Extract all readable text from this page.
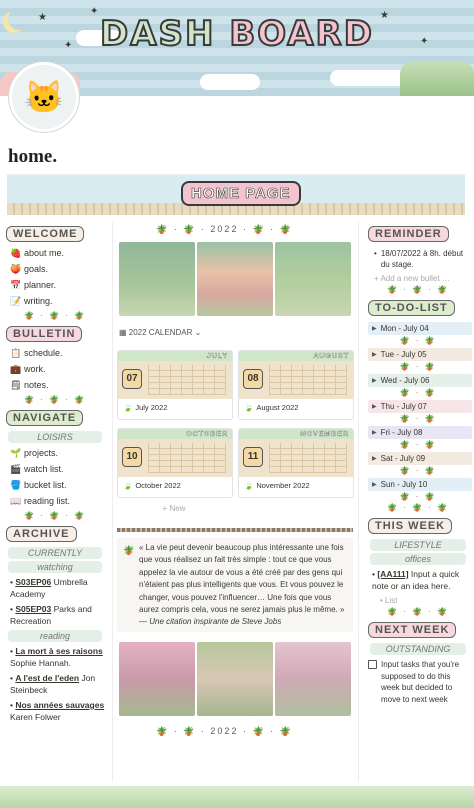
★
✦
✦	★
✦
DASH BOARD
🐱
home.
HOME PAGE
WELCOME
🍓 about me.
🍑 goals.
📅 planner.
📝 writing.
🪴 · 🪴 · 🪴
BULLETIN
📋 schedule.
💼 work.
🗒 notes.
🪴 · 🪴 · 🪴
NAVIGATE
LOISIRS
🌱 projects.
🎬 watch list.
🪣 bucket list.
📖 reading list.
🪴 · 🪴 · 🪴
ARCHIVE
CURRENTLY
watching
• S03EP06 Umbrella Academy
• S05EP03 Parks and Recreation
reading
• La mort à ses raisons Sophie Hannah.
• A l'est de l'eden Jon Steinbeck
• Nos années sauvages Karen Folwer
🪴 · 🪴 · 2022 · 🪴 · 🪴
▦ 2022 CALENDAR ⌄
JULY
07
🍃 July 2022
AUGUST
08
🍃 August 2022
OCTOBER
10
🍃 October 2022
NOVEMBER
11
🍃 November 2022
+ New
🪴 « La vie peut devenir beaucoup plus intéressante une fois que vous réalisez un fait très simple : tout ce que vous appelez la vie autour de vous a été créé par des gens qui n'étaient pas plus intelligents que vous. Et vous pouvez le changer, vous pouvez l'influencer… Une fois que vous aurez compris cela, vous ne serez jamais plus le même. » — Une citation inspirante de Steve Jobs
🪴 · 🪴 · 2022 · 🪴 · 🪴
REMINDER
• 18/07/2022 à 8h. début du stage.
+ Add a new bullet …
🪴 · 🪴 · 🪴
TO-DO-LIST
▶ Mon - July 04
🪴 · 🪴
▶ Tue - July 05
🪴 · 🪴
▶ Wed - July 06
🪴 · 🪴
▶ Thu - July 07
🪴 · 🪴
▶ Fri - July 08
🪴 · 🪴
▶ Sat - July 09
🪴 · 🪴
▶ Sun - July 10
🪴 · 🪴
🪴 · 🪴 · 🪴
THIS WEEK
LIFESTYLE
offices
• [AA111] Input a quick note or an idea here.
• List
🪴 · 🪴 · 🪴
NEXT WEEK
OUTSTANDING
Input tasks that you're supposed to do this week but decided to move to next week
